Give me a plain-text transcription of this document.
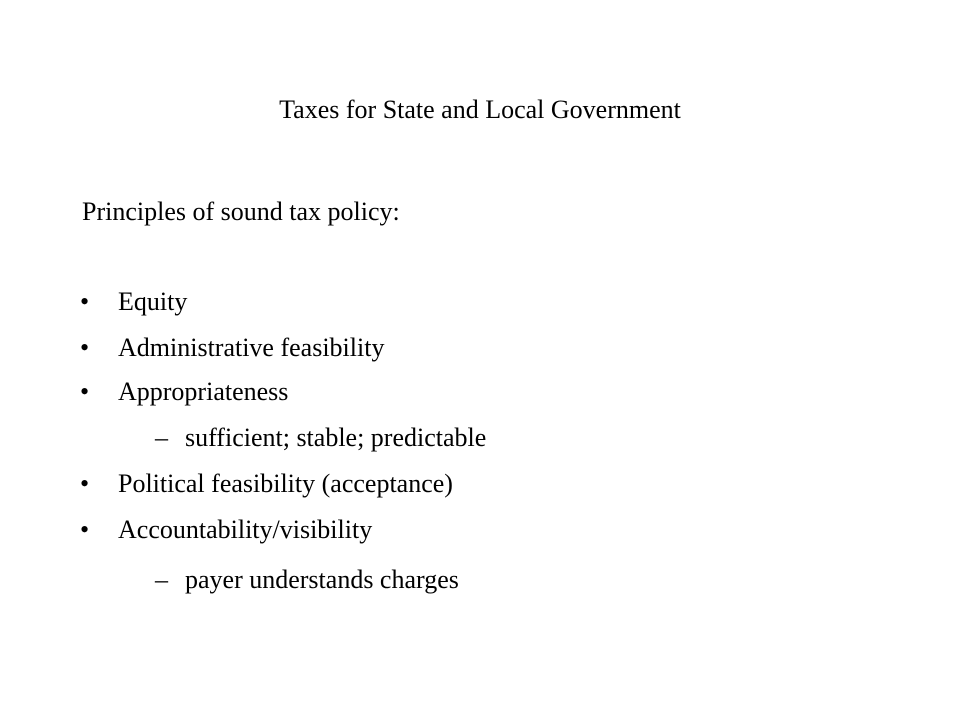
Taxes for State and Local Government
Principles of sound tax policy:
• Equity
• Administrative feasibility
• Appropriateness
– sufficient; stable; predictable
• Political feasibility (acceptance)
• Accountability/visibility
– payer understands charges
